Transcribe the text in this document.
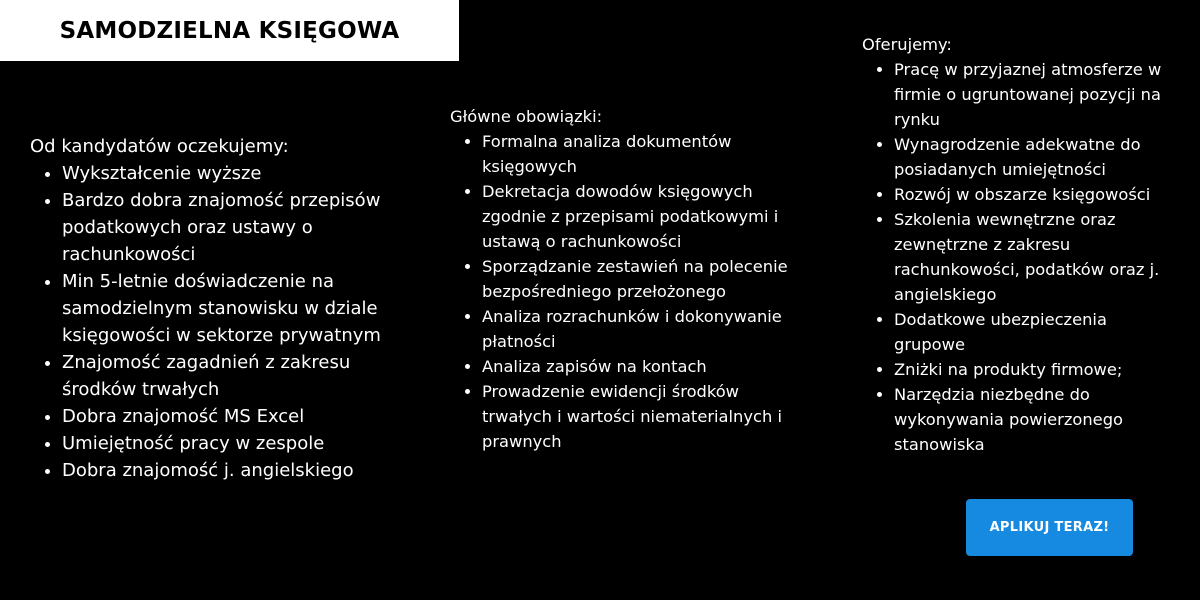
SAMODZIELNA KSIĘGOWA

Od kandydatów oczekujemy:

• Wykształcenie wyższe
• Bardzo dobra znajomość przepisów podatkowych oraz ustawy o rachunkowości
• Min 5-letnie doświadczenie na samodzielnym stanowisku w dziale księgowości w sektorze prywatnym
• Znajomość zagadnień z zakresu środków trwałych
• Dobra znajomość MS Excel
• Umiejętność pracy w zespole
• Dobra znajomość j. angielskiego

Główne obowiązki:

• Formalna analiza dokumentów księgowych
• Dekretacja dowodów księgowych zgodnie z przepisami podatkowymi i ustawą o rachunkowości
• Sporządzanie zestawień na polecenie bezpośredniego przełożonego
• Analiza rozrachunków i dokonywanie płatności
• Analiza zapisów na kontach
• Prowadzenie ewidencji środków trwałych i wartości niematerialnych i prawnych

Oferujemy:

• Pracę w przyjaznej atmosferze w firmie o ugruntowanej pozycji na rynku
• Wynagrodzenie adekwatne do posiadanych umiejętności
• Rozwój w obszarze księgowości
• Szkolenia wewnętrzne oraz zewnętrzne z zakresu rachunkowości, podatków oraz j. angielskiego
• Dodatkowe ubezpieczenia grupowe
• Zniżki na produkty firmowe;
• Narzędzia niezbędne do wykonywania powierzonego stanowiska
APLIKUJ TERAZ!
